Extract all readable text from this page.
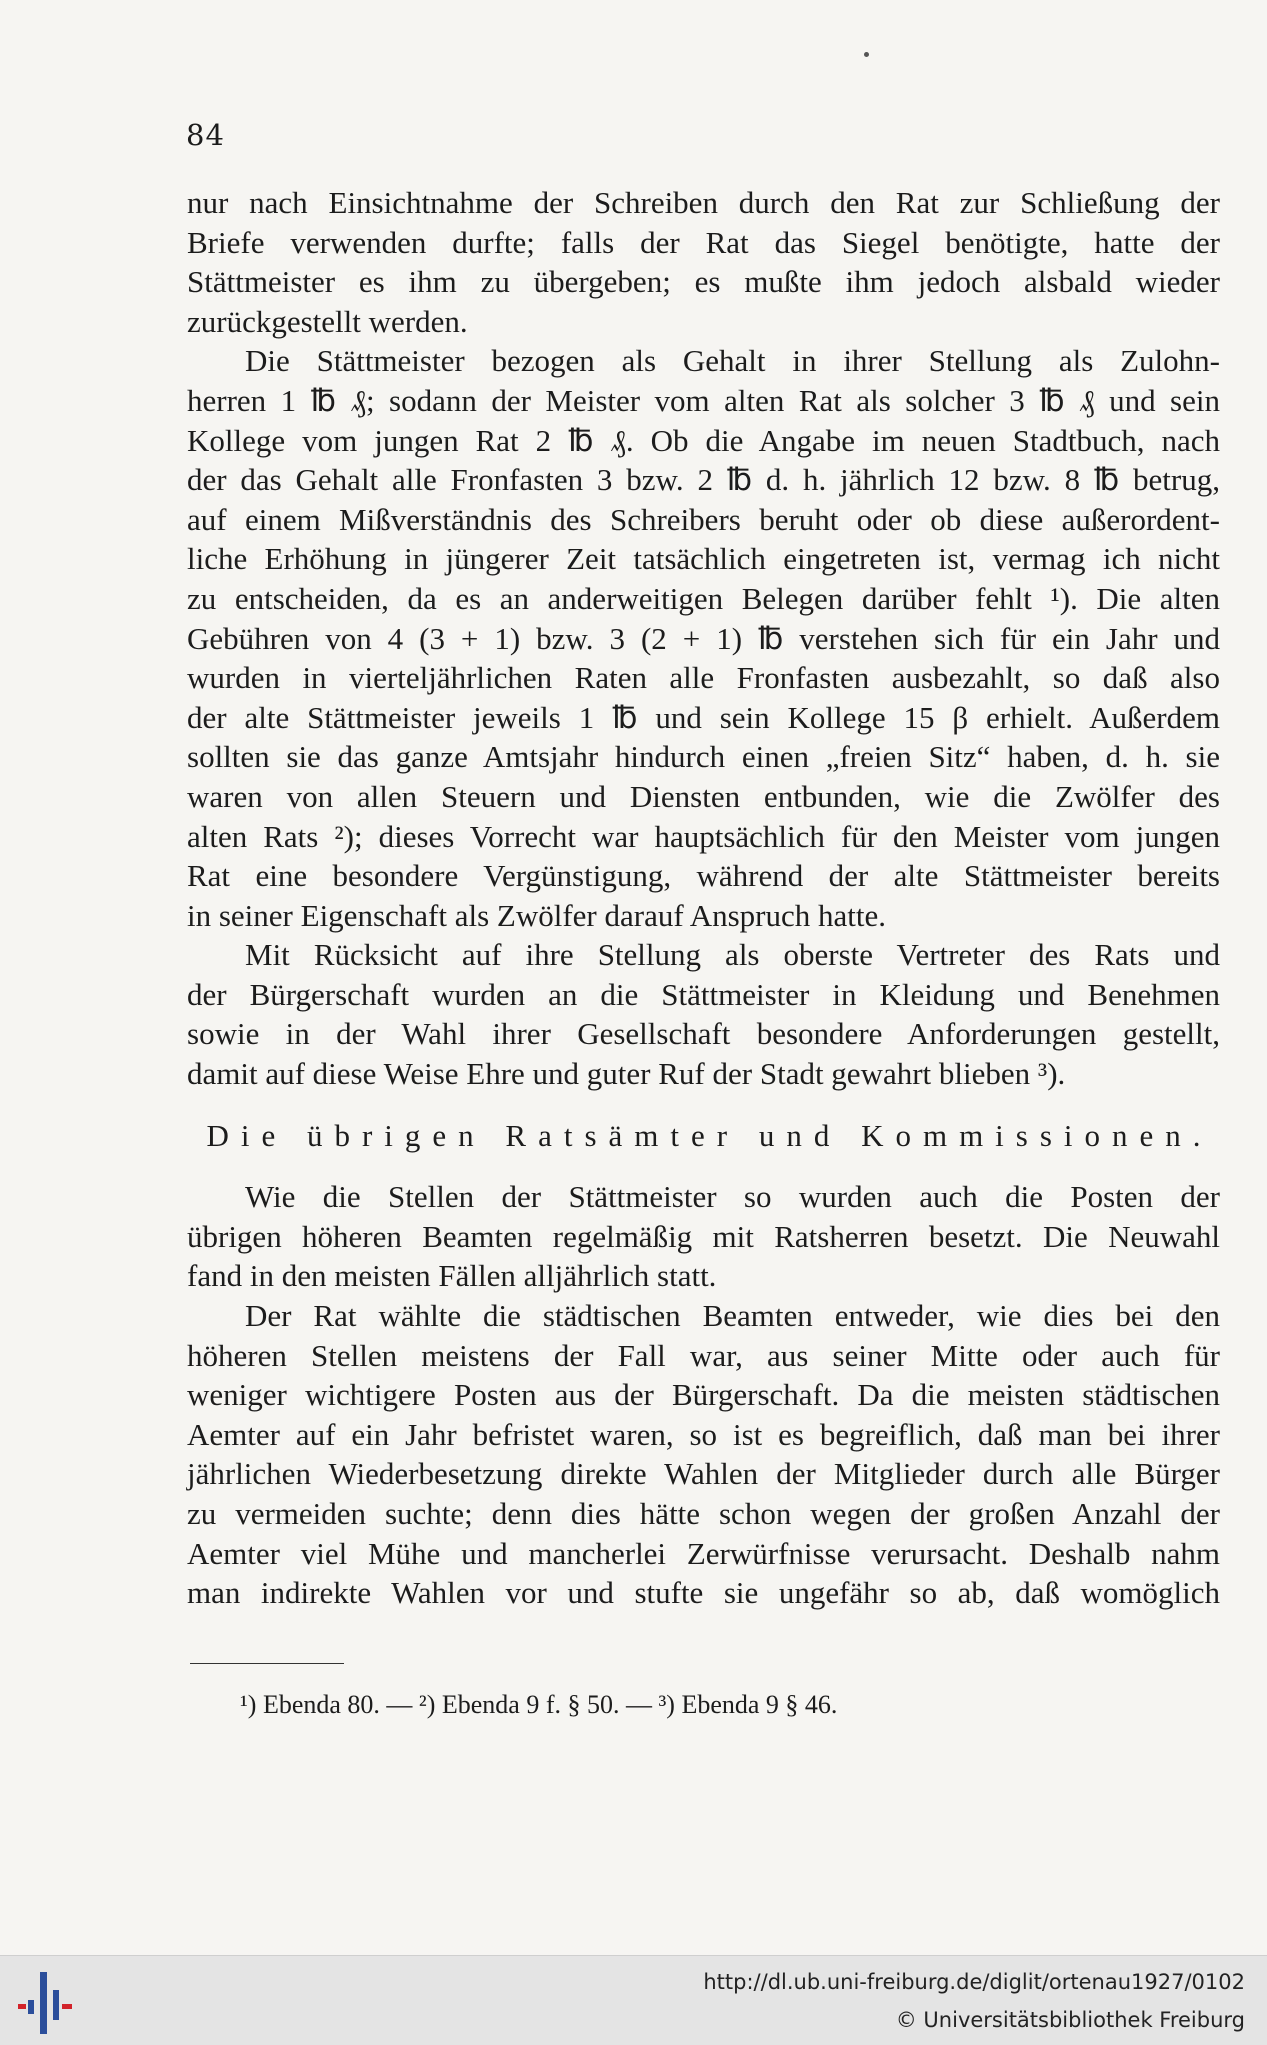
84
nur nach Einsichtnahme der Schreiben durch den Rat zur Schließung der
Briefe verwenden durfte; falls der Rat das Siegel benötigte, hatte der
Stättmeister es ihm zu übergeben; es mußte ihm jedoch alsbald wieder
zurückgestellt werden.
Die Stättmeister bezogen als Gehalt in ihrer Stellung als Zulohn-
herren 1 ℔ ₰; sodann der Meister vom alten Rat als solcher 3 ℔ ₰ und sein
Kollege vom jungen Rat 2 ℔ ₰. Ob die Angabe im neuen Stadtbuch, nach
der das Gehalt alle Fronfasten 3 bzw. 2 ℔ d. h. jährlich 12 bzw. 8 ℔ betrug,
auf einem Mißverständnis des Schreibers beruht oder ob diese außerordent-
liche Erhöhung in jüngerer Zeit tatsächlich eingetreten ist, vermag ich nicht
zu entscheiden, da es an anderweitigen Belegen darüber fehlt ¹). Die alten
Gebühren von 4 (3 + 1) bzw. 3 (2 + 1) ℔ verstehen sich für ein Jahr und
wurden in vierteljährlichen Raten alle Fronfasten ausbezahlt, so daß also
der alte Stättmeister jeweils 1 ℔ und sein Kollege 15 β erhielt. Außerdem
sollten sie das ganze Amtsjahr hindurch einen „freien Sitz“ haben, d. h. sie
waren von allen Steuern und Diensten entbunden, wie die Zwölfer des
alten Rats ²); dieses Vorrecht war hauptsächlich für den Meister vom jungen
Rat eine besondere Vergünstigung, während der alte Stättmeister bereits
in seiner Eigenschaft als Zwölfer darauf Anspruch hatte.
Mit Rücksicht auf ihre Stellung als oberste Vertreter des Rats und
der Bürgerschaft wurden an die Stättmeister in Kleidung und Benehmen
sowie in der Wahl ihrer Gesellschaft besondere Anforderungen gestellt,
damit auf diese Weise Ehre und guter Ruf der Stadt gewahrt blieben ³).
Die übrigen Ratsämter und Kommissionen.
Wie die Stellen der Stättmeister so wurden auch die Posten der
übrigen höheren Beamten regelmäßig mit Ratsherren besetzt. Die Neuwahl
fand in den meisten Fällen alljährlich statt.
Der Rat wählte die städtischen Beamten entweder, wie dies bei den
höheren Stellen meistens der Fall war, aus seiner Mitte oder auch für
weniger wichtigere Posten aus der Bürgerschaft. Da die meisten städtischen
Aemter auf ein Jahr befristet waren, so ist es begreiflich, daß man bei ihrer
jährlichen Wiederbesetzung direkte Wahlen der Mitglieder durch alle Bürger
zu vermeiden suchte; denn dies hätte schon wegen der großen Anzahl der
Aemter viel Mühe und mancherlei Zerwürfnisse verursacht. Deshalb nahm
man indirekte Wahlen vor und stufte sie ungefähr so ab, daß womöglich
¹) Ebenda 80. — ²) Ebenda 9 f. § 50. — ³) Ebenda 9 § 46.
http://dl.ub.uni-freiburg.de/diglit/ortenau1927/0102
© Universitätsbibliothek Freiburg
